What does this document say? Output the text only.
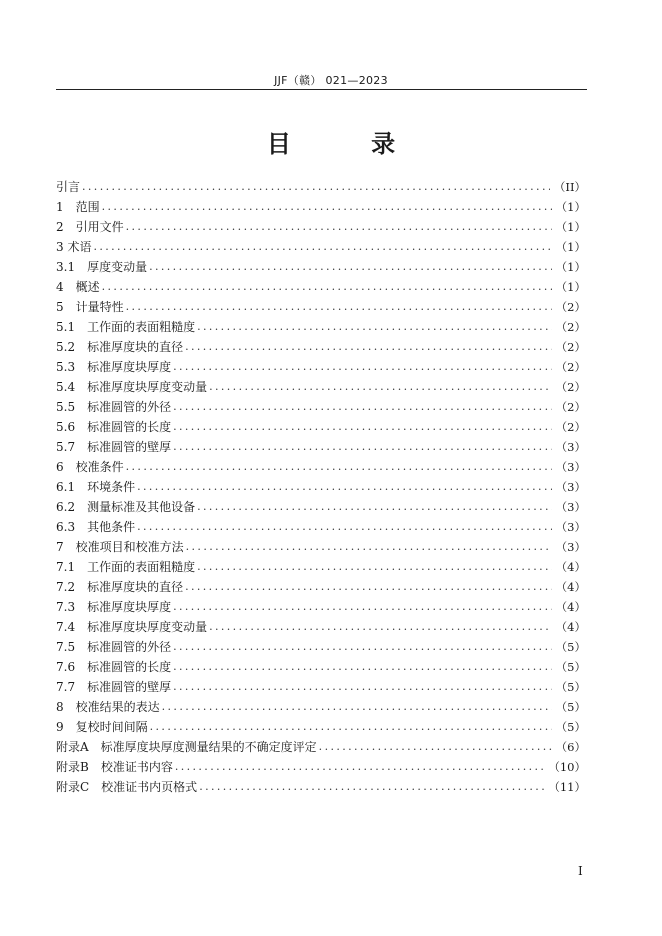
JJF（赣） 021—2023
目 录
引言 .....	（II）
1　范围 .....	（1）
2　引用文件 .....	（1）
3 术语 .....	（1）
3.1　厚度变动量 .....	（1）
4　概述 .....	（1）
5　计量特性 .....	（2）
5.1　工作面的表面粗糙度 .....	（2）
5.2　标准厚度块的直径 .....	（2）
5.3　标准厚度块厚度 .....	（2）
5.4　标准厚度块厚度变动量 .....	（2）
5.5　标准圆管的外径 .....	（2）
5.6　标准圆管的长度 .....	（2）
5.7　标准圆管的壁厚 .....	（3）
6　校准条件 .....	（3）
6.1　环境条件 .....	（3）
6.2　测量标准及其他设备 .....	（3）
6.3　其他条件 .....	（3）
7　校准项目和校准方法 .....	（3）
7.1　工作面的表面粗糙度 .....	（4）
7.2　标准厚度块的直径 .....	（4）
7.3　标准厚度块厚度 .....	（4）
7.4　标准厚度块厚度变动量 .....	（4）
7.5　标准圆管的外径 .....	（5）
7.6　标准圆管的长度 .....	（5）
7.7　标准圆管的壁厚 .....	（5）
8　校准结果的表达 .....	（5）
9　复校时间间隔 .....	（5）
附录A　标准厚度块厚度测量结果的不确定度评定 .....	（6）
附录B　校准证书内容 .....	（10）
附录C　校准证书内页格式 .....	（11）
I
